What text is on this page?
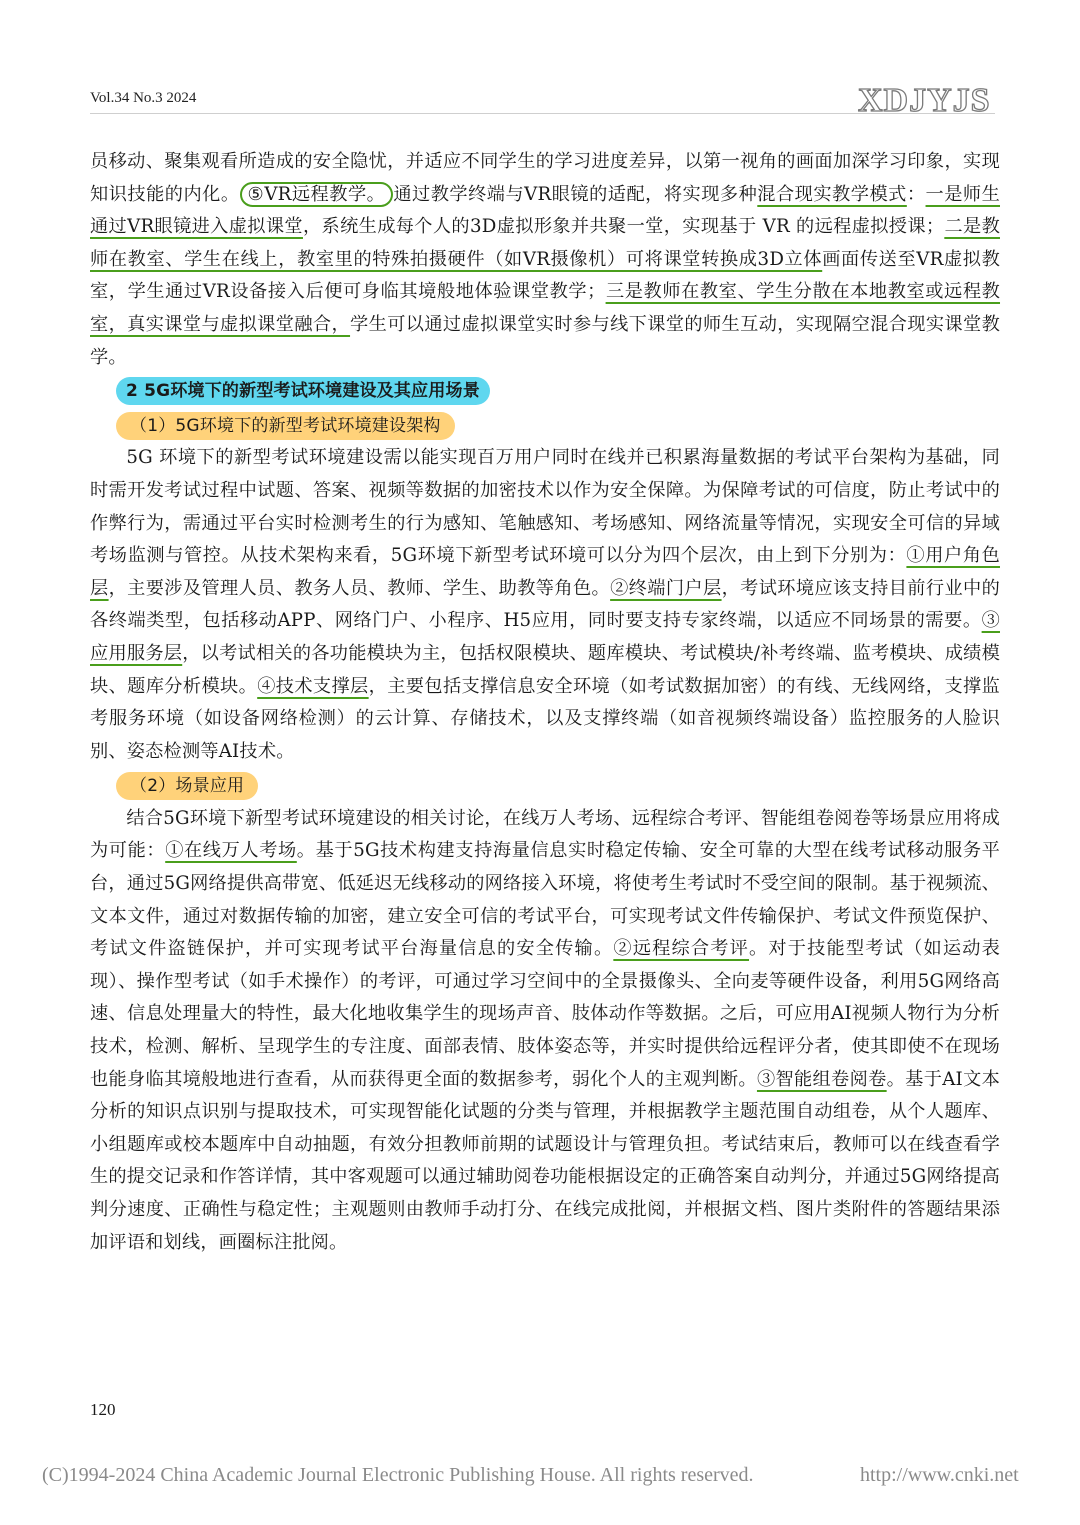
Vol.34 No.3 2024	XDJYJS

员移动、聚集观看所造成的安全隐忧，并适应不同学生的学习进度差异，以第一视角的画面加深学习印象，实现知识技能的内化。 ⑤VR远程教学。 通过教学终端与VR眼镜的适配，将实现多种混合现实教学模式：一是师生通过VR眼镜进入虚拟课堂，系统生成每个人的3D虚拟形象并共聚一堂，实现基于 VR 的远程虚拟授课；二是教师在教室、学生在线上，教室里的特殊拍摄硬件（如VR摄像机）可将课堂转换成3D立体画面传送至VR虚拟教室，学生通过VR设备接入后便可身临其境般地体验课堂教学；三是教师在教室、学生分散在本地教室或远程教室，真实课堂与虚拟课堂融合，学生可以通过虚拟课堂实时参与线下课堂的师生互动，实现隔空混合现实课堂教学。

2 5G环境下的新型考试环境建设及其应用场景
（1）5G环境下的新型考试环境建设架构

5G 环境下的新型考试环境建设需以能实现百万用户同时在线并已积累海量数据的考试平台架构为基础，同时需开发考试过程中试题、答案、视频等数据的加密技术以作为安全保障。为保障考试的可信度，防止考试中的作弊行为，需通过平台实时检测考生的行为感知、笔触感知、考场感知、网络流量等情况，实现安全可信的异域考场监测与管控。从技术架构来看，5G环境下新型考试环境可以分为四个层次，由上到下分别为：①用户角色层，主要涉及管理人员、教务人员、教师、学生、助教等角色。②终端门户层，考试环境应该支持目前行业中的各终端类型，包括移动APP、网络门户、小程序、H5应用，同时要支持专家终端，以适应不同场景的需要。③应用服务层，以考试相关的各功能模块为主，包括权限模块、题库模块、考试模块/补考终端、监考模块、成绩模块、题库分析模块。④技术支撑层，主要包括支撑信息安全环境（如考试数据加密）的有线、无线网络，支撑监考服务环境（如设备网络检测）的云计算、存储技术，以及支撑终端（如音视频终端设备）监控服务的人脸识别、姿态检测等AI技术。

（2）场景应用

结合5G环境下新型考试环境建设的相关讨论，在线万人考场、远程综合考评、智能组卷阅卷等场景应用将成为可能：①在线万人考场。基于5G技术构建支持海量信息实时稳定传输、安全可靠的大型在线考试移动服务平台，通过5G网络提供高带宽、低延迟无线移动的网络接入环境，将使考生考试时不受空间的限制。基于视频流、文本文件，通过对数据传输的加密，建立安全可信的考试平台，可实现考试文件传输保护、考试文件预览保护、考试文件盗链保护，并可实现考试平台海量信息的安全传输。②远程综合考评。对于技能型考试（如运动表现）、操作型考试（如手术操作）的考评，可通过学习空间中的全景摄像头、全向麦等硬件设备，利用5G网络高速、信息处理量大的特性，最大化地收集学生的现场声音、肢体动作等数据。之后，可应用AI视频人物行为分析技术，检测、解析、呈现学生的专注度、面部表情、肢体姿态等，并实时提供给远程评分者，使其即使不在现场也能身临其境般地进行查看，从而获得更全面的数据参考，弱化个人的主观判断。③智能组卷阅卷。基于AI文本分析的知识点识别与提取技术，可实现智能化试题的分类与管理，并根据教学主题范围自动组卷，从个人题库、小组题库或校本题库中自动抽题，有效分担教师前期的试题设计与管理负担。考试结束后，教师可以在线查看学生的提交记录和作答详情，其中客观题可以通过辅助阅卷功能根据设定的正确答案自动判分，并通过5G网络提高判分速度、正确性与稳定性；主观题则由教师手动打分、在线完成批阅，并根据文档、图片类附件的答题结果添加评语和划线，画圈标注批阅。

120
(C)1994-2024 China Academic Journal Electronic Publishing House. All rights reserved.	http://www.cnki.net
